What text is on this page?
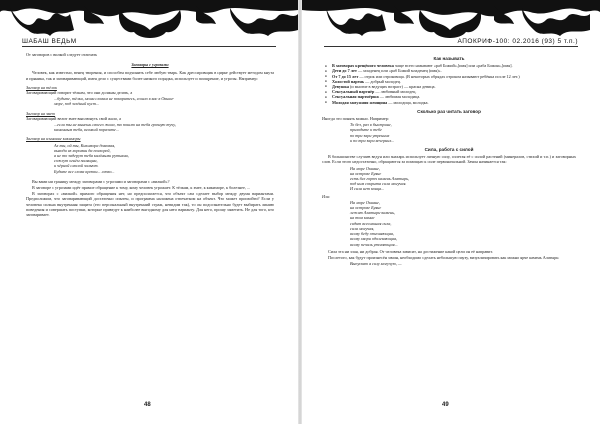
ШАБАШ ВЕДЬМ

От заговоров с вилкой следует отличать

Заговоры с угрозами

Человек, как известно, венец творения, и способен подчинить себе любую тварь. Как дрессировщик в цирке действует методом кнута и пряника, так и заговаривающий, имея дело с существами более низкого порядка, использует и поощрение, и угрозы. Например:

Заговор на тёлок

Заговаривающий говорит тёлкам, что они должны делать, а

...будьте, тёлки, моим словам не покоритесь, сошло в вас в Окиан-
море, под зелёный куст...
Заговор на змею

Заговаривающий велит змее выплюнуть свой жало, а

...если ты не вынешь своего жала, то пошлю на тебя грозную тучу,
каменным тебя, великий поразите...
Заговор на изгнание кикиморы
Ах ты, ой ты, Кикимора домовая,
выходи из хоромин да поскорей,
а не то задерут тебя калёными рутьями,
сожгут огнём палящим,
и чёрной смолой зальют.
Будьте все слова крепки... лепко...

Вы вами ни границу между заговорами с угрозами и заговорами с «вилкой»?

В заговоре с угрозами идёт прямое обращение к тому, кому человек угрожает. К тёлкам, к змее, к кикиморе, к болезнее, ...

В заговорах с «вилкой» прямого обращения нет, но предполагается, что объект сам сделает выбор между двумя вариантами. Предположим, что заговаривающий достаточно опытен, и программа наложена отпечатком на объект. Что может произойти? Если у человека сильна внутренняя защита (его персональный внутренний страж, невидим так), то он подсознательно будет выбирать линию поведения и совершать поступки, которые приведут к наиболее выгодному для него варианту. Для него, прошу заметить. Не для того, кто заговаривает.

48
АПОКРИФ-100: 02.2016 (93) 5 т.п.)
Как называть
● В заговорах крещёного человека чаще всего называют «раб Божий»,[имя] или «раба Божия»,[имя].
● Дети до 7 лет — младенец или «раб Божий младенец (имя)».
● От 7 до 15 лет — отрок или отроковица. (В некоторых обрядах отроком называют ребёнка после 12 лет.)
● Холостой парень — добрый молодец.
● Девушка (и многие в ведущих возраст) — красна девица.
● Сексуальный партнёр — любовный молодец.
● Сексуальная партнёрша — любимая молодица.
● Молодая замужняя женщина — молодица, молодка.
Сколько раз читать заговор

Иногда это понять можно. Например:

То без, раз в быстрине,
приходите к тебе
по три зари утренних
и по три зари вечерних...
Сила, работа с силой

В большинстве случаев ведун или знахарь использует личную силу, сплетая её с силой растений (минералов, стихий и т.п.) и заговорных слов. Если этого недостаточно, обращаются за помощью к силе первоначальной. Зачин начинается так:

На море Окияне,
на острове Буяне
есть бел горюч камень Алатырь,
под ним сокрыта сила могучая.
И сила нет конца...

Или:

На море Окияне,
на острове Буяне
лежит Алатырь-камень,
на том камне
сидит всесильная сила,
сила могучая,
всему беду отгоняющая,
всему хвори одолевающая,
всему печаль утоляющая...

Сила эта ни злая, ни добрая. От человека зависит, на достижение какой цели он её направит.

Послетого, как будут произнесён зачин, необходимо сделать небольшую паузу, визуализировать как можно ярче камень Алатырь:

Выпускаю я силу могучую, —
49
